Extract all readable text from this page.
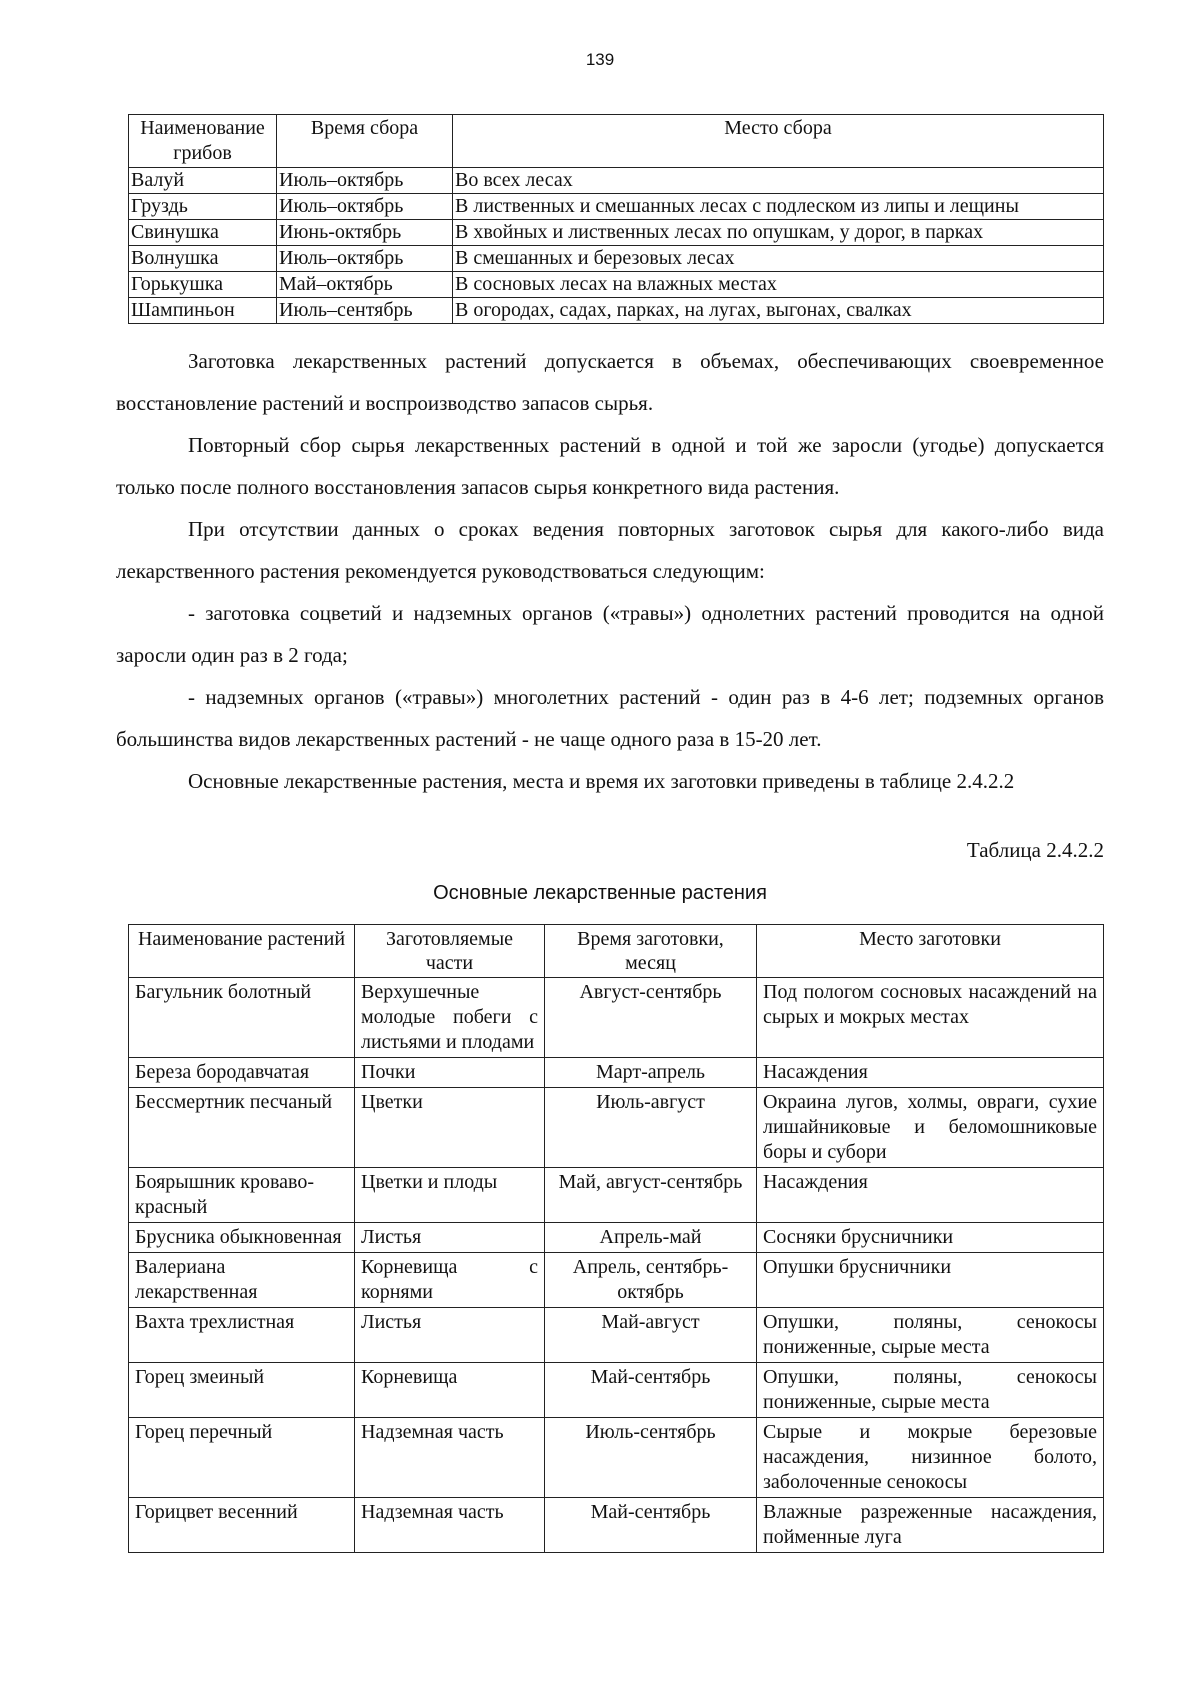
139
Наименование грибов	Время сбора	Место сбора
Валуй	Июль–октябрь	Во всех лесах
Груздь	Июль–октябрь	В лиственных и смешанных лесах с подлеском из липы и лещины
Свинушка	Июнь-октябрь	В хвойных и лиственных лесах по опушкам, у дорог, в парках
Волнушка	Июль–октябрь	В смешанных и березовых лесах
Горькушка	Май–октябрь	В сосновых лесах на влажных местах
Шампиньон	Июль–сентябрь	В огородах, садах, парках, на лугах, выгонах, свалках

Заготовка лекарственных растений допускается в объемах, обеспечивающих своевременное восстановление растений и воспроизводство запасов сырья.

Повторный сбор сырья лекарственных растений в одной и той же заросли (угодье) допускается только после полного восстановления запасов сырья конкретного вида растения.

При отсутствии данных о сроках ведения повторных заготовок сырья для какого-либо вида лекарственного растения рекомендуется руководствоваться следующим:

- заготовка соцветий и надземных органов («травы») однолетних растений проводится на одной заросли один раз в 2 года;

- надземных органов («травы») многолетних растений - один раз в 4-6 лет; подземных органов большинства видов лекарственных растений - не чаще одного раза в 15-20 лет.

Основные лекарственные растения, места и время их заготовки приведены в таблице 2.4.2.2

Таблица 2.4.2.2
Основные лекарственные растения
Наименование растений	Заготовляемые части	Время заготовки, месяц	Место заготовки
Багульник болотный	Верхушечные молодые побеги с листьями и плодами	Август-сентябрь	Под пологом сосновых насаждений на сырых и мокрых местах
Береза бородавчатая	Почки	Март-апрель	Насаждения
Бессмертник песчаный	Цветки	Июль-август	Окраина лугов, холмы, овраги, сухие лишайниковые и беломошниковые боры и субори
Боярышник кроваво-красный	Цветки и плоды	Май, август-сентябрь	Насаждения
Брусника обыкновенная	Листья	Апрель-май	Сосняки брусничники
Валериана лекарственная	Корневища с корнями	Апрель, сентябрь-октябрь	Опушки брусничники
Вахта трехлистная	Листья	Май-август	Опушки, поляны, сенокосы пониженные, сырые места
Горец змеиный	Корневища	Май-сентябрь	Опушки, поляны, сенокосы пониженные, сырые места
Горец перечный	Надземная часть	Июль-сентябрь	Сырые и мокрые березовые насаждения, низинное болото, заболоченные сенокосы
Горицвет весенний	Надземная часть	Май-сентябрь	Влажные разреженные насаждения, пойменные луга
